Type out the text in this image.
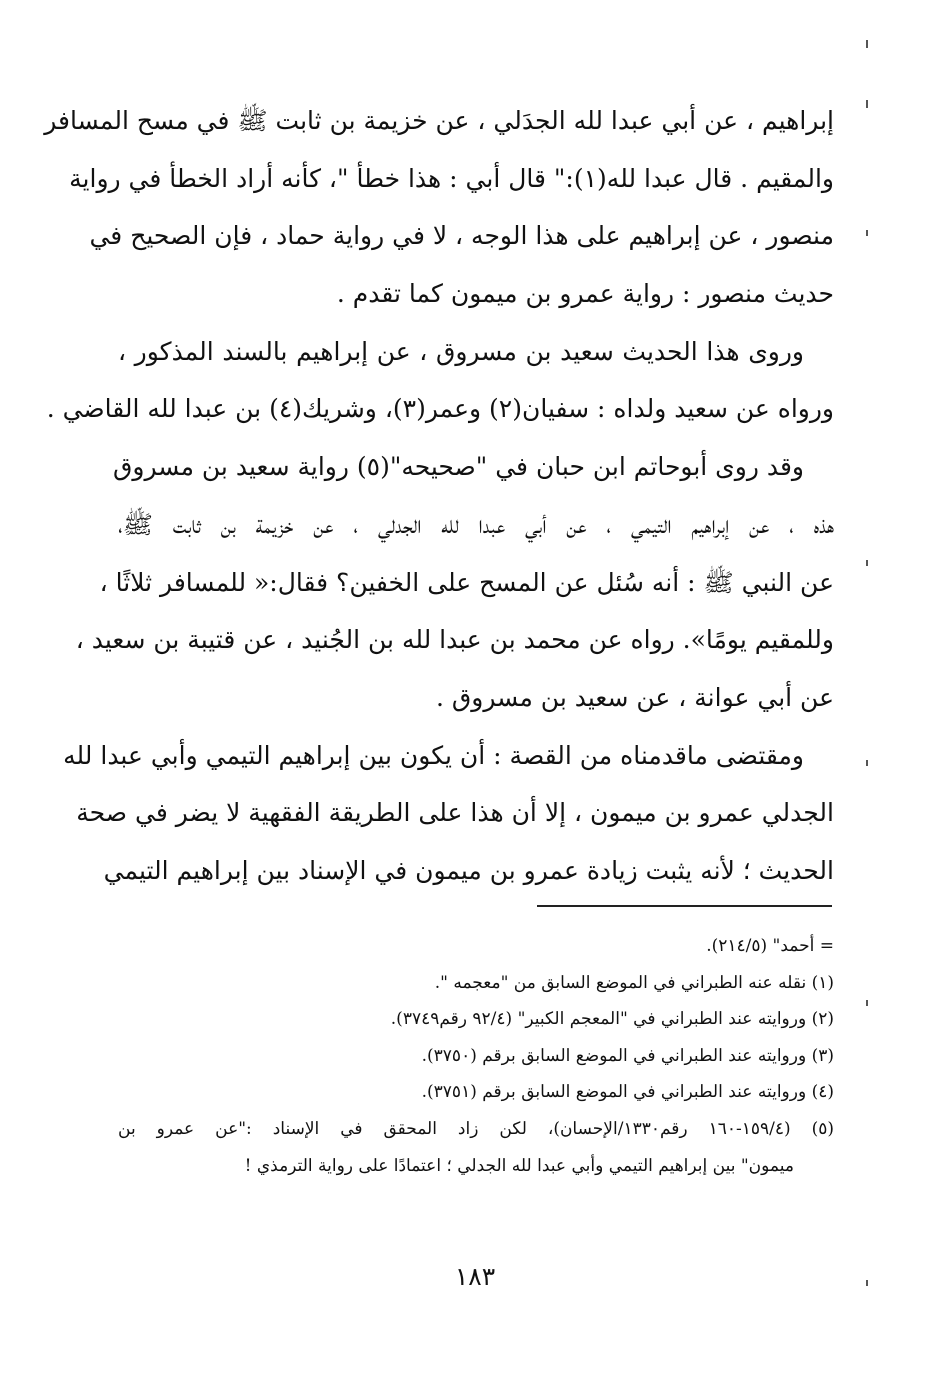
إبراهيم ، عن أبي عبدا لله الجدَلي ، عن خزيمة بن ثابت ﷺ في مسح المسافر
والمقيم . قال عبدا لله(١):" قال أبي : هذا خطأ "، كأنه أراد الخطأ في رواية
منصور ، عن إبراهيم على هذا الوجه ، لا في رواية حماد ، فإن الصحيح في
حديث منصور : رواية عمرو بن ميمون كما تقدم .
وروى هذا الحديث سعيد بن مسروق ، عن إبراهيم بالسند المذكور ،
ورواه عن سعيد ولداه : سفيان(٢) وعمر(٣)، وشريك(٤) بن عبدا لله القاضي .
وقد روى أبوحاتم ابن حبان في "صحيحه"(٥) رواية سعيد بن مسروق
هذه ، عن إبراهيم التيمي ، عن أبي عبدا لله الجدلي ، عن خزيمة بن ثابت ﷺ،
عن النبي ﷺ : أنه سُئل عن المسح على الخفين؟ فقال:« للمسافر ثلاثًا ،
وللمقيم يومًا». رواه عن محمد بن عبدا لله بن الجُنيد ، عن قتيبة بن سعيد ،
عن أبي عوانة ، عن سعيد بن مسروق .
ومقتضى ماقدمناه من القصة : أن يكون بين إبراهيم التيمي وأبي عبدا لله
الجدلي عمرو بن ميمون ، إلا أن هذا على الطريقة الفقهية لا يضر في صحة
الحديث ؛ لأنه يثبت زيادة عمرو بن ميمون في الإسناد بين إبراهيم التيمي
= أحمد" (٢١٤/٥).
(١) نقله عنه الطبراني في الموضع السابق من "معجمه ".
(٢) وروايته عند الطبراني في "المعجم الكبير" (٩٢/٤ رقم٣٧٤٩).
(٣) وروايته عند الطبراني في الموضع السابق برقم (٣٧٥٠).
(٤) وروايته عند الطبراني في الموضع السابق برقم (٣٧٥١).
(٥) (١٥٩/٤-١٦٠ رقم١٣٣٠/الإحسان)، لكن زاد المحقق في الإسناد :"عن عمرو بن
ميمون" بين إبراهيم التيمي وأبي عبدا لله الجدلي ؛ اعتمادًا على رواية الترمذي !
١٨٣
